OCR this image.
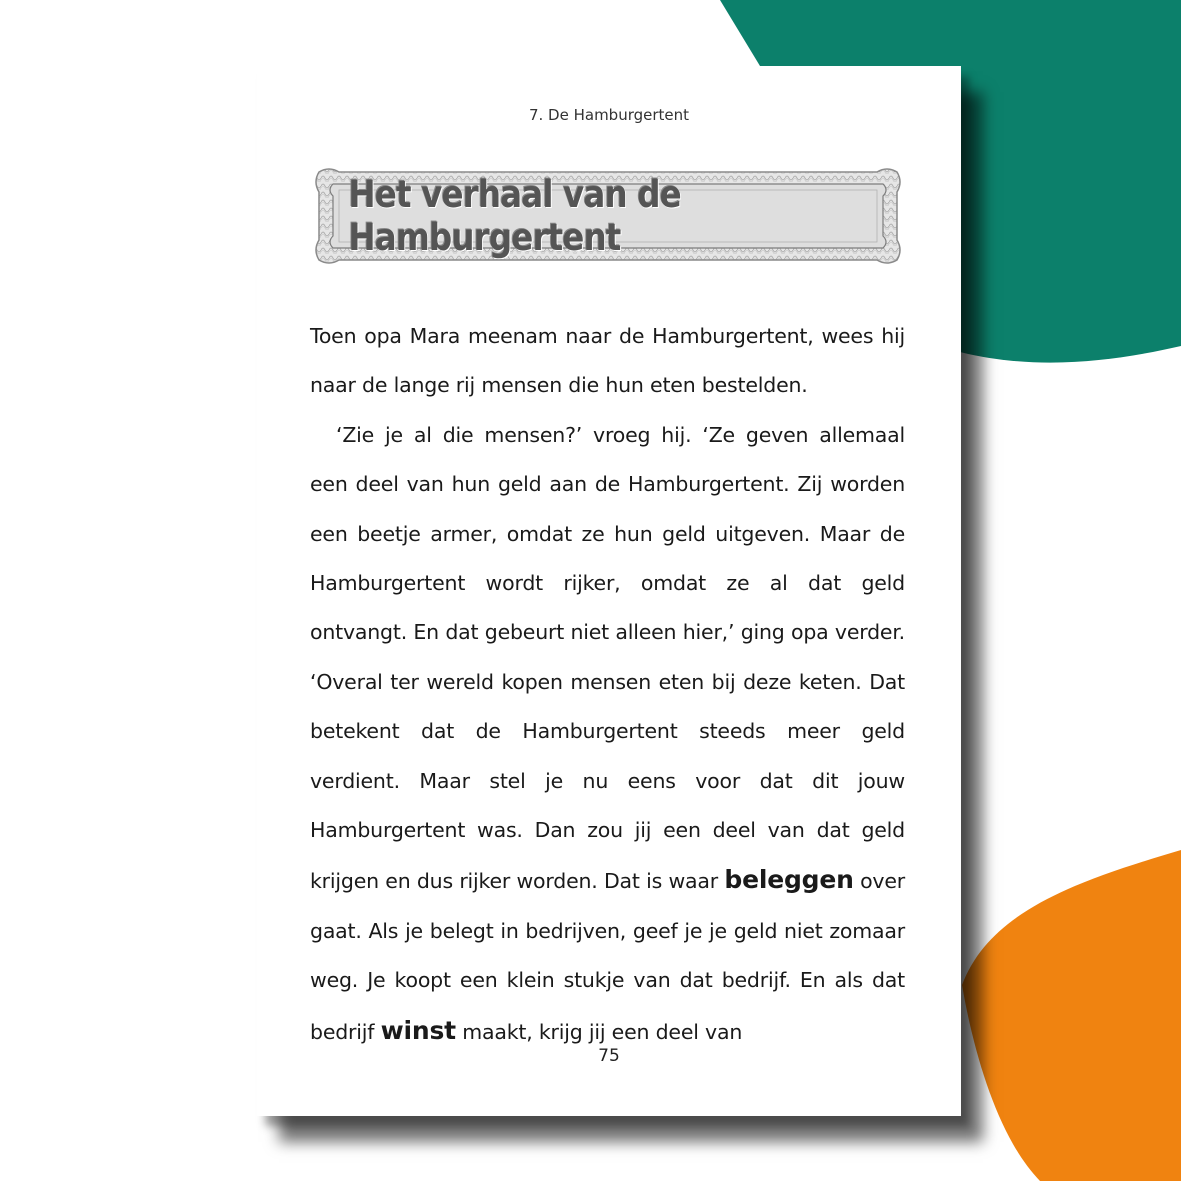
7. De Hamburgertent
Het verhaal van de Hamburgertent

Toen opa Mara meenam naar de Hamburgertent, wees hij naar de lange rij mensen die hun eten bestelden.

‘Zie je al die mensen?’ vroeg hij. ‘Ze geven allemaal een deel van hun geld aan de Hamburgertent. Zij worden een beetje armer, omdat ze hun geld uitgeven. Maar de Hamburgertent wordt rijker, omdat ze al dat geld ontvangt. En dat gebeurt niet alleen hier,’ ging opa verder. ‘Overal ter wereld kopen mensen eten bij deze keten. Dat betekent dat de Hamburgertent steeds meer geld verdient. Maar stel je nu eens voor dat dit jouw Hamburgertent was. Dan zou jij een deel van dat geld krijgen en dus rijker worden. Dat is waar beleggen over gaat. Als je belegt in bedrijven, geef je je geld niet zomaar weg. Je koopt een klein stukje van dat bedrijf. En als dat bedrijf winst maakt, krijg jij een deel van

75
